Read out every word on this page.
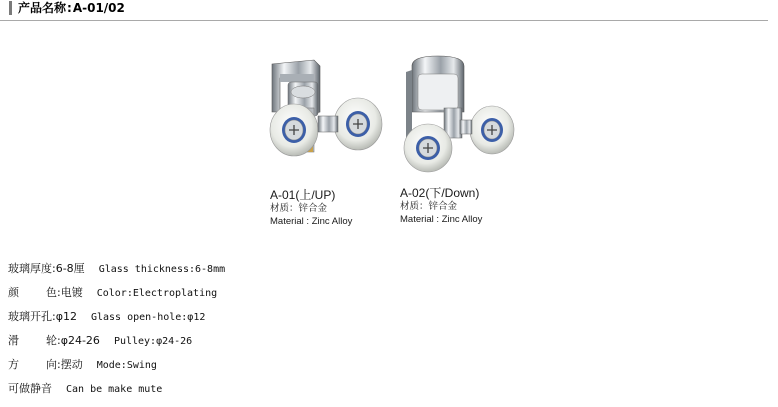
产品名称:A-01/02
A-01(上/UP)
材质：锌合金
Material : Zinc Alloy
A-02(下/Down)
材质：锌合金
Material : Zinc Alloy
玻璃厚度:6-8厘 Glass thickness:6-8mm
颜 色:电镀 Color:Electroplating
玻璃开孔:φ12 Glass open-hole:φ12
滑 轮:φ24-26 Pulley:φ24-26
方 向:摆动 Mode:Swing
可做静音 Can be make mute
